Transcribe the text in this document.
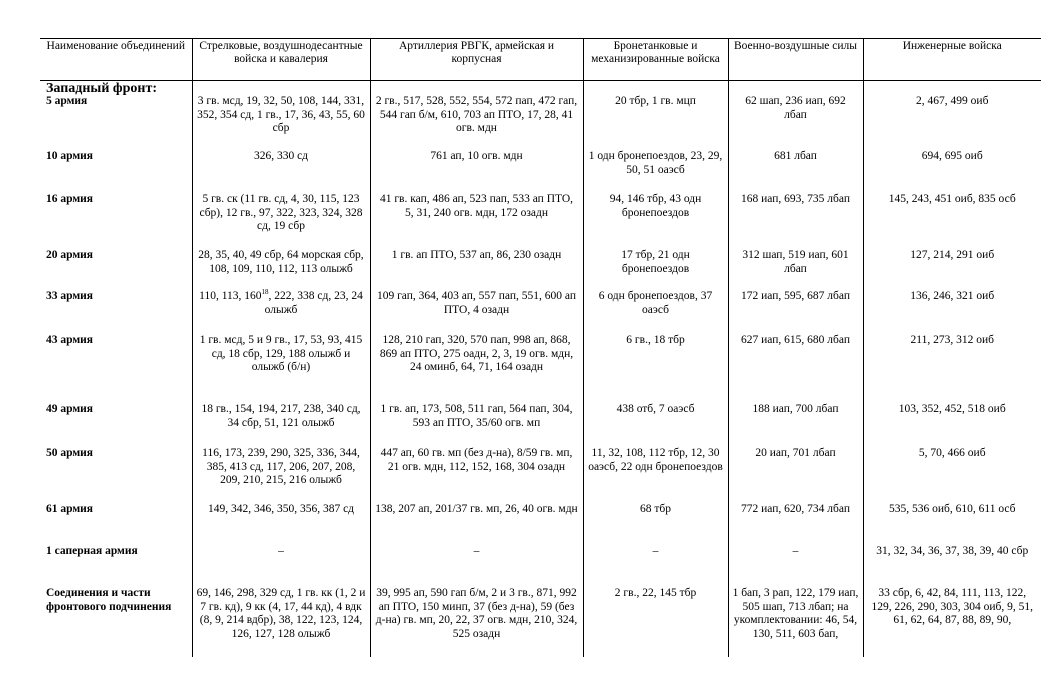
Наименование объединений	Стрелковые, воздушнодесантные войска и кавалерия	Артиллерия РВГК, армейская и корпусная	Бронетанковые и механизированные войска	Военно-воздушные силы	Инженерные войска
Западный фронт:					
5 армия	3 гв. мсд, 19, 32, 50, 108, 144, 331, 352, 354 сд, 1 гв., 17, 36, 43, 55, 60 сбр	2 гв., 517, 528, 552, 554, 572 пап, 472 гап, 544 гап б/м, 610, 703 ап ПТО, 17, 28, 41 огв. мдн	20 тбр, 1 гв. мцп	62 шап, 236 иап, 692 лбап	2, 467, 499 оиб
10 армия	326, 330 сд	761 ап, 10 огв. мдн	1 одн бронепоездов, 23, 29, 50, 51 оаэсб	681 лбап	694, 695 оиб
16 армия	5 гв. ск (11 гв. сд, 4, 30, 115, 123 сбр), 12 гв., 97, 322, 323, 324, 328 сд, 19 сбр	41 гв. кап, 486 ап, 523 пап, 533 ап ПТО, 5, 31, 240 огв. мдн, 172 озадн	94, 146 тбр, 43 одн бронепоездов	168 иап, 693, 735 лбап	145, 243, 451 оиб, 835 осб
20 армия	28, 35, 40, 49 сбр, 64 морская сбр, 108, 109, 110, 112, 113 олыжб	1 гв. ап ПТО, 537 ап, 86, 230 озадн	17 тбр, 21 одн бронепоездов	312 шап, 519 иап, 601 лбап	127, 214, 291 оиб
33 армия	110, 113, $160^{18}$, 222, 338 сд, 23, 24 олыжб	109 гап, 364, 403 ап, 557 пап, 551, 600 ап ПТО, 4 озадн	6 одн бронепоездов, 37 оаэсб	172 иап, 595, 687 лбап	136, 246, 321 оиб
43 армия	1 гв. мсд, 5 и 9 гв., 17, 53, 93, 415 сд, 18 сбр, 129, 188 олыжб и олыжб (б/н)	128, 210 гап, 320, 570 пап, 998 ап, 868, 869 ап ПТО, 275 оадн, 2, 3, 19 огв. мдн, 24 оминб, 64, 71, 164 озадн	6 гв., 18 тбр	627 иап, 615, 680 лбап	211, 273, 312 оиб
49 армия	18 гв., 154, 194, 217, 238, 340 сд, 34 сбр, 51, 121 олыжб	1 гв. ап, 173, 508, 511 гап, 564 пап, 304, 593 ап ПТО, 35/60 огв. мп	438 отб, 7 оаэсб	188 иап, 700 лбап	103, 352, 452, 518 оиб
50 армия	116, 173, 239, 290, 325, 336, 344, 385, 413 сд, 117, 206, 207, 208, 209, 210, 215, 216 олыжб	447 ап, 60 гв. мп (без д-на), 8/59 гв. мп, 21 огв. мдн, 112, 152, 168, 304 озадн	11, 32, 108, 112 тбр, 12, 30 оаэсб, 22 одн бронепоездов	20 иап, 701 лбап	5, 70, 466 оиб
61 армия	149, 342, 346, 350, 356, 387 сд	138, 207 ап, 201/37 гв. мп, 26, 40 огв. мдн	68 тбр	772 иап, 620, 734 лбап	535, 536 оиб, 610, 611 осб
1 саперная армия	–	–	–	–	31, 32, 34, 36, 37, 38, 39, 40 сбр
Соединения и части фронтового подчинения	69, 146, 298, 329 сд, 1 гв. кк (1, 2 и 7 гв. кд), 9 кк (4, 17, 44 кд), 4 вдк (8, 9, 214 вдбр), 38, 122, 123, 124, 126, 127, 128 олыжб	39, 995 ап, 590 гап б/м, 2 и 3 гв., 871, 992 ап ПТО, 150 минп, 37 (без д-на), 59 (без д-на) гв. мп, 20, 22, 37 огв. мдн, 210, 324, 525 озадн	2 гв., 22, 145 тбр	1 бап, 3 рап, 122, 179 иап, 505 шап, 713 лбап; на укомплектовании: 46, 54, 130, 511, 603 бап,	33 сбр, 6, 42, 84, 111, 113, 122, 129, 226, 290, 303, 304 оиб, 9, 51, 61, 62, 64, 87, 88, 89, 90,
